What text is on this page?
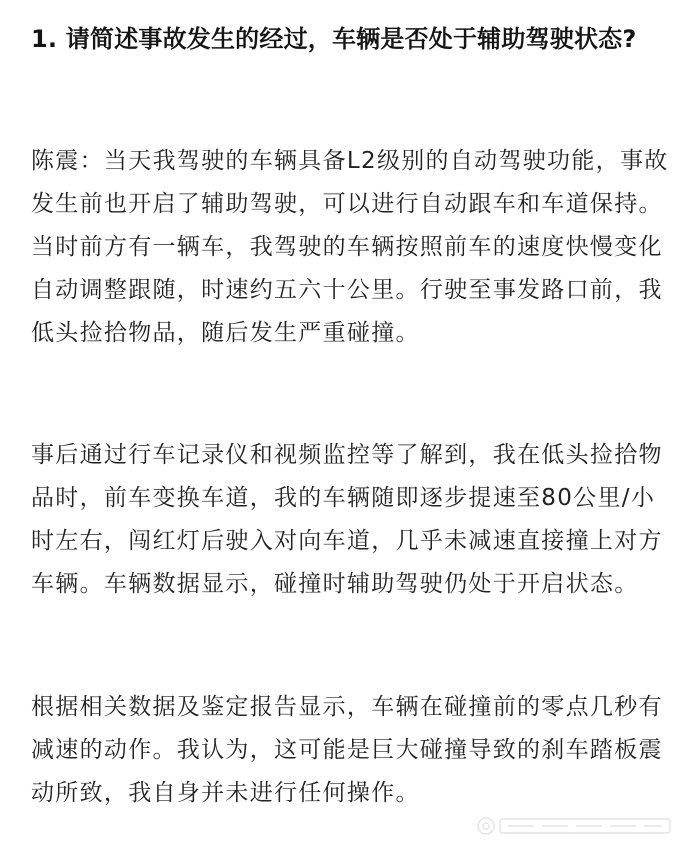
1. 请简述事故发生的经过，车辆是否处于辅助驾驶状态?

陈震：当天我驾驶的车辆具备L2级别的自动驾驶功能，事故发生前也开启了辅助驾驶，可以进行自动跟车和车道保持。当时前方有一辆车，我驾驶的车辆按照前车的速度快慢变化自动调整跟随，时速约五六十公里。行驶至事发路口前，我低头捡拾物品，随后发生严重碰撞。

事后通过行车记录仪和视频监控等了解到，我在低头捡拾物品时，前车变换车道，我的车辆随即逐步提速至80公里/小时左右，闯红灯后驶入对向车道，几乎未减速直接撞上对方车辆。车辆数据显示，碰撞时辅助驾驶仍处于开启状态。

根据相关数据及鉴定报告显示，车辆在碰撞前的零点几秒有减速的动作。我认为，这可能是巨大碰撞导致的刹车踏板震动所致，我自身并未进行任何操作。
